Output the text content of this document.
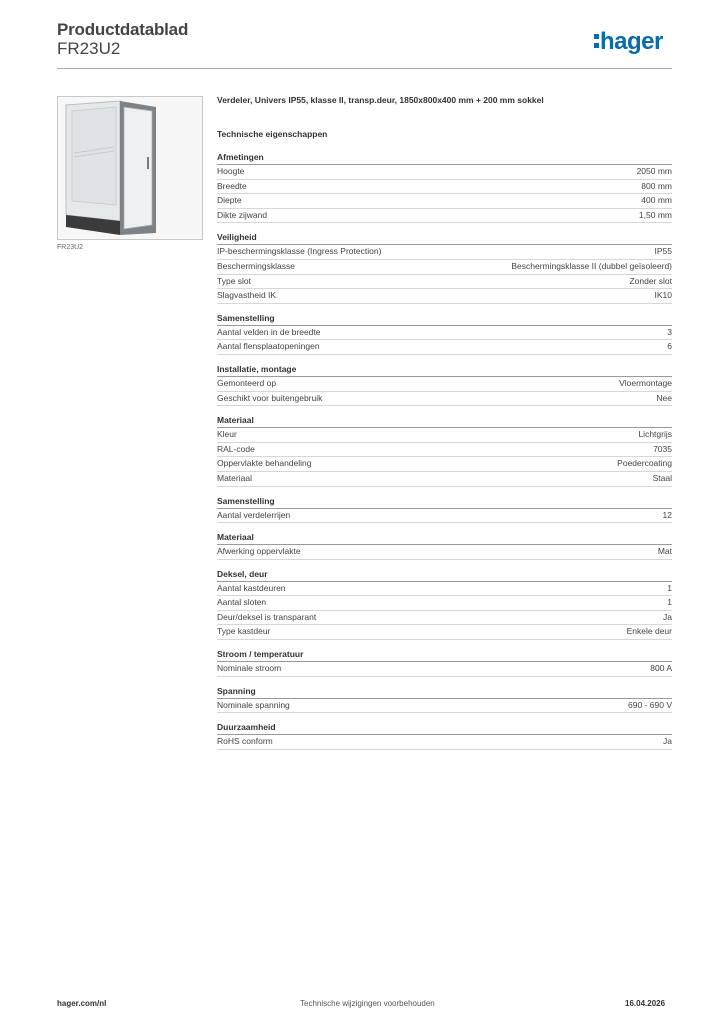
Productdatablad
FR23U2	hager
FR23U2
Verdeler, Univers IP55, klasse II, transp.deur, 1850x800x400 mm + 200 mm sokkel
Technische eigenschappen
Afmetingen
Hoogte	2050 mm
Breedte	800 mm
Diepte	400 mm
Dikte zijwand	1,50 mm
Veiligheid
IP-beschermingsklasse (Ingress Protection)	IP55
Beschermingsklasse	Beschermingsklasse II (dubbel geïsoleerd)
Type slot	Zonder slot
Slagvastheid IK	IK10
Samenstelling
Aantal velden in de breedte	3
Aantal flensplaatopeningen	6
Installatie, montage
Gemonteerd op	Vloermontage
Geschikt voor buitengebruik	Nee
Materiaal
Kleur	Lichtgrijs
RAL-code	7035
Oppervlakte behandeling	Poedercoating
Materiaal	Staal
Samenstelling
Aantal verdelerrijen	12
Materiaal
Afwerking oppervlakte	Mat
Deksel, deur
Aantal kastdeuren	1
Aantal sloten	1
Deur/deksel is transparant	Ja
Type kastdeur	Enkele deur
Stroom / temperatuur
Nominale stroom	800 A
Spanning
Nominale spanning	690 - 690 V
Duurzaamheid
RoHS conform	Ja
hager.com/nl	Technische wijzigingen voorbehouden	16.04.2026
